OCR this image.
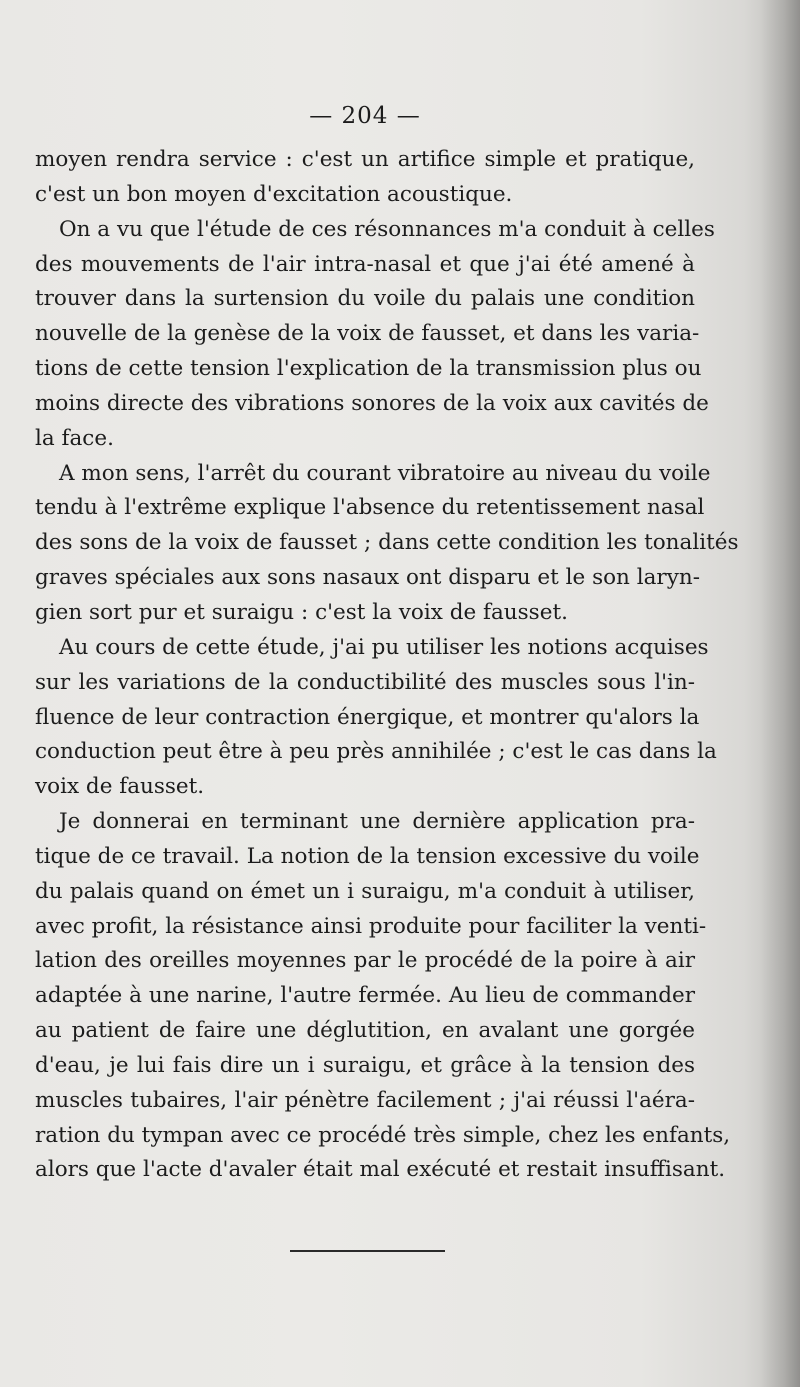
— 204 —
moyen rendra service : c'est un artifice simple et pratique,
c'est un bon moyen d'excitation acoustique.
On a vu que l'étude de ces résonnances m'a conduit à celles
des mouvements de l'air intra-nasal et que j'ai été amené à
trouver dans la surtension du voile du palais une condition
nouvelle de la genèse de la voix de fausset, et dans les varia-
tions de cette tension l'explication de la transmission plus ou
moins directe des vibrations sonores de la voix aux cavités de
la face.
A mon sens, l'arrêt du courant vibratoire au niveau du voile
tendu à l'extrême explique l'absence du retentissement nasal
des sons de la voix de fausset ; dans cette condition les tonalités
graves spéciales aux sons nasaux ont disparu et le son laryn-
gien sort pur et suraigu : c'est la voix de fausset.
Au cours de cette étude, j'ai pu utiliser les notions acquises
sur les variations de la conductibilité des muscles sous l'in-
fluence de leur contraction énergique, et montrer qu'alors la
conduction peut être à peu près annihilée ; c'est le cas dans la
voix de fausset.
Je donnerai en terminant une dernière application pra-
tique de ce travail. La notion de la tension excessive du voile
du palais quand on émet un i suraigu, m'a conduit à utiliser,
avec profit, la résistance ainsi produite pour faciliter la venti-
lation des oreilles moyennes par le procédé de la poire à air
adaptée à une narine, l'autre fermée. Au lieu de commander
au patient de faire une déglutition, en avalant une gorgée
d'eau, je lui fais dire un i suraigu, et grâce à la tension des
muscles tubaires, l'air pénètre facilement ; j'ai réussi l'aéra-
ration du tympan avec ce procédé très simple, chez les enfants,
alors que l'acte d'avaler était mal exécuté et restait insuffisant.
